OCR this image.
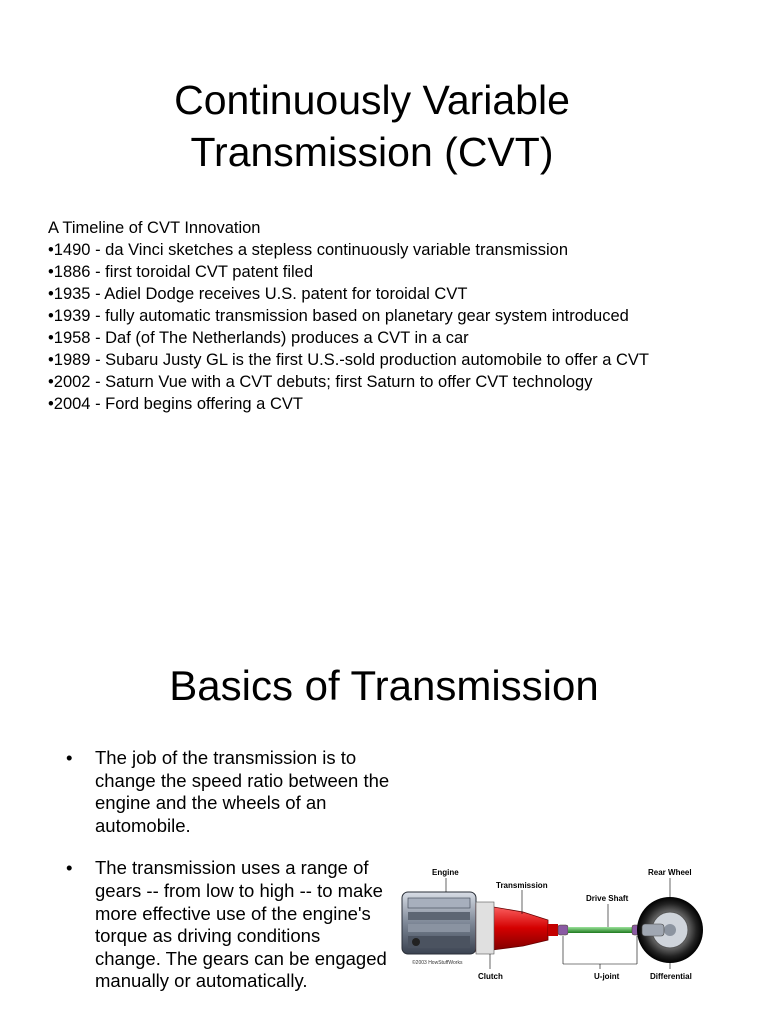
Continuously Variable
Transmission (CVT)
A Timeline of CVT Innovation
•1490 - da Vinci sketches a stepless continuously variable transmission
•1886 - first toroidal CVT patent filed
•1935 - Adiel Dodge receives U.S. patent for toroidal CVT
•1939 - fully automatic transmission based on planetary gear system introduced
•1958 - Daf (of The Netherlands) produces a CVT in a car
•1989 - Subaru Justy GL is the first U.S.-sold production automobile to offer a CVT
•2002 - Saturn Vue with a CVT debuts; first Saturn to offer CVT technology
•2004 - Ford begins offering a CVT
Basics of Transmission
• The job of the transmission is to change the speed ratio between the engine and the wheels of an automobile.
• The transmission uses a range of gears -- from low to high -- to make more effective use of the engine's torque as driving conditions change. The gears can be engaged manually or automatically.
Engine
Transmission
Drive Shaft
Rear Wheel
Clutch	U-joint	Differential
©2003 HowStuffWorks
